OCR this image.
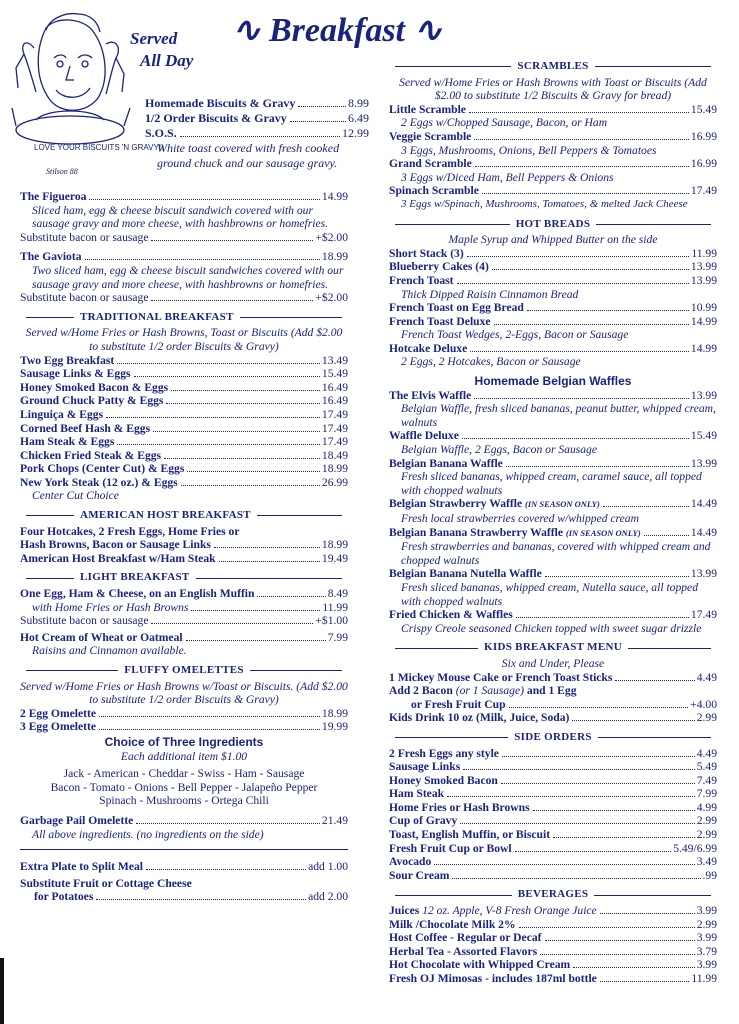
LOVE YOUR BISCUITS 'N GRAVY!!
Stilson 88
Served
All Day
∿ Breakfast ∿
Homemade Biscuits & Gravy	8.99
1/2 Order Biscuits & Gravy	6.49
S.O.S.	12.99
White toast covered with fresh cooked ground chuck and our sausage gravy.
The Figueroa	14.99
Sliced ham, egg & cheese biscuit sandwich covered with our sausage gravy and more cheese, with hashbrowns or homefries.
Substitute bacon or sausage	+$2.00
The Gaviota	18.99
Two sliced ham, egg & cheese biscuit sandwiches covered with our sausage gravy and more cheese, with hashbrowns or homefries.
Substitute bacon or sausage	+$2.00
TRADITIONAL BREAKFAST
Served w/Home Fries or Hash Browns, Toast or Biscuits (Add $2.00 to substitute 1/2 order Biscuits & Gravy)
Two Egg Breakfast	13.49
Sausage Links & Eggs	15.49
Honey Smoked Bacon & Eggs	16.49
Ground Chuck Patty & Eggs	16.49
Linguiça & Eggs	17.49
Corned Beef Hash & Eggs	17.49
Ham Steak & Eggs	17.49
Chicken Fried Steak & Eggs	18.49
Pork Chops (Center Cut) & Eggs	18.99
New York Steak (12 oz.) & Eggs	26.99
Center Cut Choice
AMERICAN HOST BREAKFAST
Four Hotcakes, 2 Fresh Eggs, Home Fries or
Hash Browns, Bacon or Sausage Links	18.99
American Host Breakfast w/Ham Steak	19.49
LIGHT BREAKFAST
One Egg, Ham & Cheese, on an English Muffin	8.49
with Home Fries or Hash Browns	11.99
Substitute bacon or sausage	+$1.00
Hot Cream of Wheat or Oatmeal	7.99
Raisins and Cinnamon available.
FLUFFY OMELETTES
Served w/Home Fries or Hash Browns w/Toast or Biscuits. (Add $2.00 to substitute 1/2 order Biscuits & Gravy)
2 Egg Omelette	18.99
3 Egg Omelette	19.99
Choice of Three Ingredients
Each additional item $1.00
Jack - American - Cheddar - Swiss - Ham - Sausage
Bacon - Tomato - Onions - Bell Pepper - Jalapeño Pepper
Spinach - Mushrooms - Ortega Chili
Garbage Pail Omelette	21.49
All above ingredients. (no ingredients on the side)
Extra Plate to Split Meal	add 1.00
Substitute Fruit or Cottage Cheese
for Potatoes	add 2.00
SCRAMBLES
Served w/Home Fries or Hash Browns with Toast or Biscuits (Add $2.00 to substitute 1/2 Biscuits & Gravy for bread)
Little Scramble	15.49
2 Eggs w/Chopped Sausage, Bacon, or Ham
Veggie Scramble	16.99
3 Eggs, Mushrooms, Onions, Bell Peppers & Tomatoes
Grand Scramble	16.99
3 Eggs w/Diced Ham, Bell Peppers & Onions
Spinach Scramble	17.49
3 Eggs w/Spinach, Mushrooms, Tomatoes, & melted Jack Cheese
HOT BREADS
Maple Syrup and Whipped Butter on the side
Short Stack (3)	11.99
Blueberry Cakes (4)	13.99
French Toast	13.99
Thick Dipped Raisin Cinnamon Bread
French Toast on Egg Bread	10.99
French Toast Deluxe	14.99
French Toast Wedges, 2-Eggs, Bacon or Sausage
Hotcake Deluxe	14.99
2 Eggs, 2 Hotcakes, Bacon or Sausage
Homemade Belgian Waffles
The Elvis Waffle	13.99
Belgian Waffle, fresh sliced bananas, peanut butter, whipped cream, walnuts
Waffle Deluxe	15.49
Belgian Waffle, 2 Eggs, Bacon or Sausage
Belgian Banana Waffle	13.99
Fresh sliced bananas, whipped cream, caramel sauce, all topped with chopped walnuts
Belgian Strawberry Waffle
(IN SEASON ONLY)	14.49
Fresh local strawberries covered w/whipped cream
Belgian Banana Strawberry Waffle
(IN SEASON ONLY)	14.49
Fresh strawberries and bananas, covered with whipped cream and chopped walnuts
Belgian Banana Nutella Waffle	13.99
Fresh sliced bananas, whipped cream, Nutella sauce, all topped with chopped walnuts
Fried Chicken & Waffles	17.49
Crispy Creole seasoned Chicken topped with sweet sugar drizzle
KIDS BREAKFAST MENU
Six and Under, Please
1 Mickey Mouse Cake or French Toast Sticks	4.49
Add 2 Bacon (or 1 Sausage) and 1 Egg
or Fresh Fruit Cup	+4.00
Kids Drink 10 oz (Milk, Juice, Soda)	2.99
SIDE ORDERS
2 Fresh Eggs any style	4.49
Sausage Links	5.49
Honey Smoked Bacon	7.49
Ham Steak	7.99
Home Fries or Hash Browns	4.99
Cup of Gravy	2.99
Toast, English Muffin, or Biscuit	2.99
Fresh Fruit Cup or Bowl	5.49/6.99
Avocado	3.49
Sour Cream	.99
BEVERAGES
Juices 12 oz. Apple, V-8 Fresh Orange Juice	3.99
Milk /Chocolate Milk 2%	2.99
Host Coffee - Regular or Decaf	3.99
Herbal Tea - Assorted Flavors	3.79
Hot Chocolate with Whipped Cream	3.99
Fresh OJ Mimosas - includes 187ml bottle	11.99
